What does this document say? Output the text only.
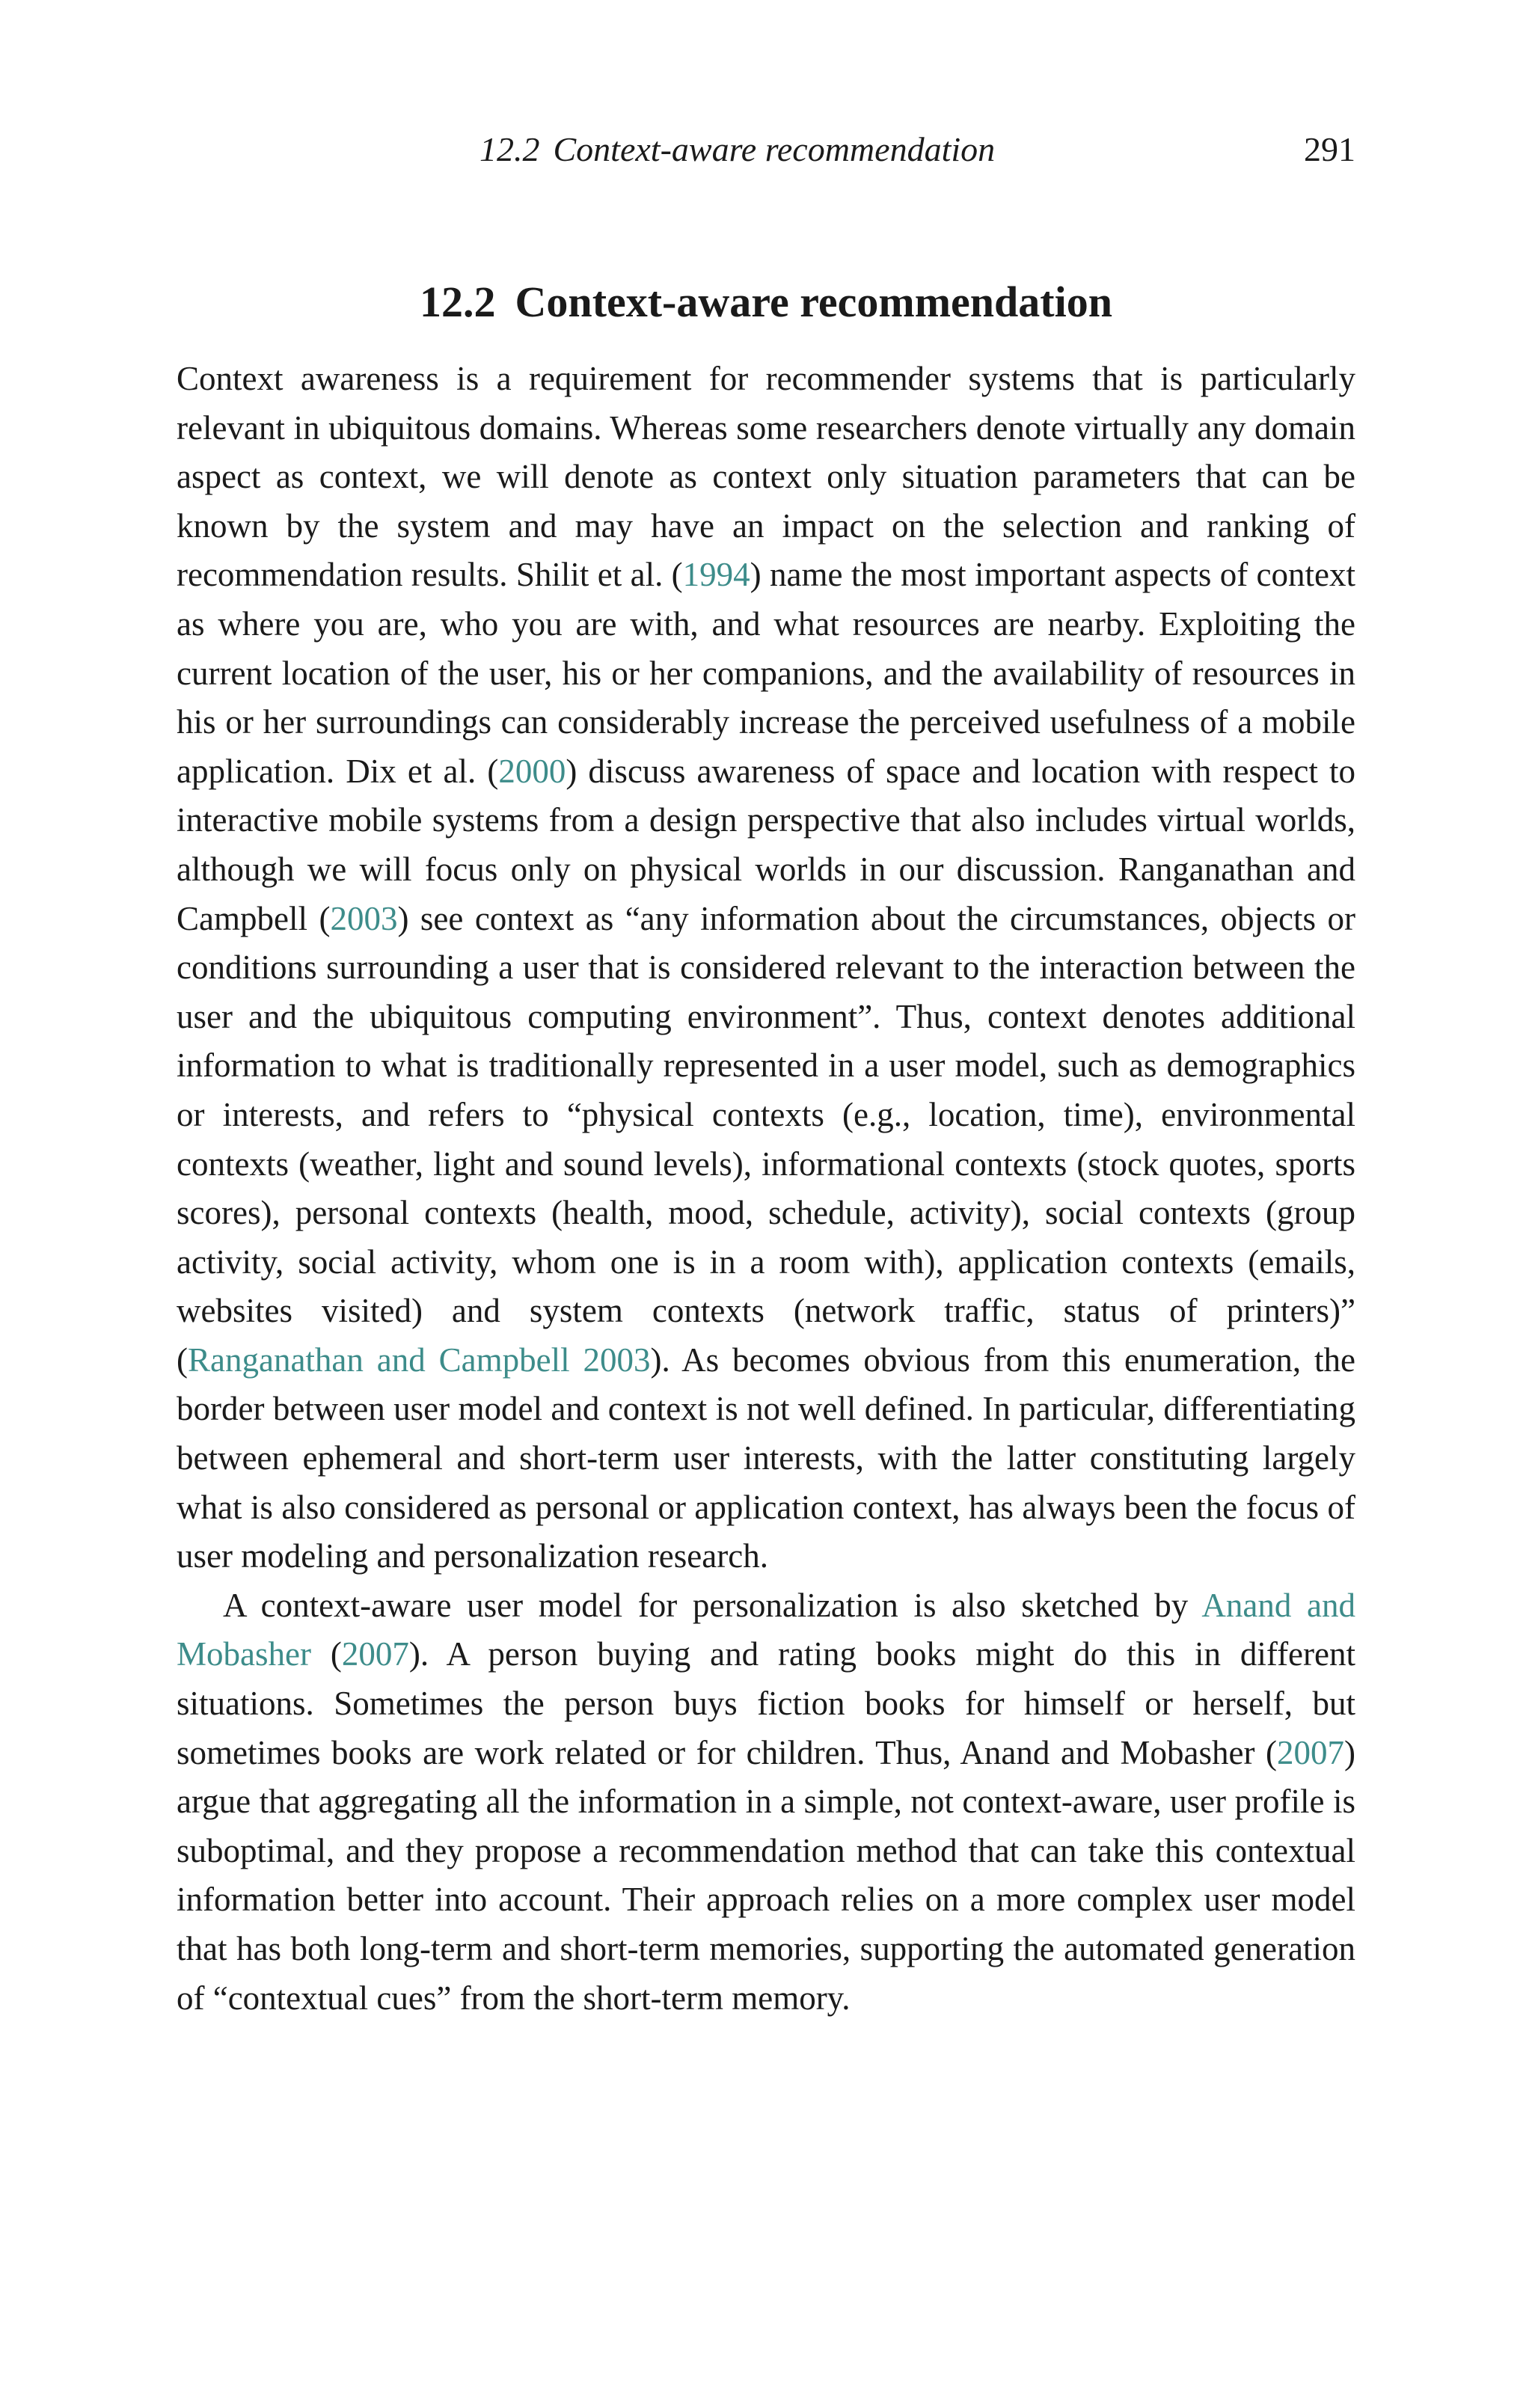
12.2 Context-aware recommendation	291
12.2 Context-aware recommendation

Context awareness is a requirement for recommender systems that is particularly relevant in ubiquitous domains. Whereas some researchers denote virtually any domain aspect as context, we will denote as context only situation parameters that can be known by the system and may have an impact on the selection and ranking of recommendation results. Shilit et al. (1994) name the most important aspects of context as where you are, who you are with, and what resources are nearby. Exploiting the current location of the user, his or her companions, and the availability of resources in his or her surroundings can considerably increase the perceived usefulness of a mobile application. Dix et al. (2000) discuss awareness of space and location with respect to interactive mobile systems from a design perspective that also includes virtual worlds, although we will focus only on physical worlds in our discussion. Ranganathan and Campbell (2003) see context as “any information about the circumstances, objects or conditions surrounding a user that is considered relevant to the interaction between the user and the ubiquitous computing environment”. Thus, context denotes additional information to what is traditionally represented in a user model, such as demographics or interests, and refers to “physical contexts (e.g., location, time), environmental contexts (weather, light and sound levels), informational contexts (stock quotes, sports scores), personal contexts (health, mood, schedule, activity), social contexts (group activity, social activity, whom one is in a room with), application contexts (emails, websites visited) and system contexts (network traffic, status of printers)” (Ranganathan and Campbell 2003). As becomes obvious from this enumeration, the border between user model and context is not well defined. In particular, differentiating between ephemeral and short-term user interests, with the latter constituting largely what is also considered as personal or application context, has always been the focus of user modeling and personalization research.

A context-aware user model for personalization is also sketched by Anand and Mobasher (2007). A person buying and rating books might do this in different situations. Sometimes the person buys fiction books for himself or herself, but sometimes books are work related or for children. Thus, Anand and Mobasher (2007) argue that aggregating all the information in a simple, not context-aware, user profile is suboptimal, and they propose a recommendation method that can take this contextual information better into account. Their approach relies on a more complex user model that has both long-term and short-term memories, supporting the automated generation of “contextual cues” from the short-term memory.
